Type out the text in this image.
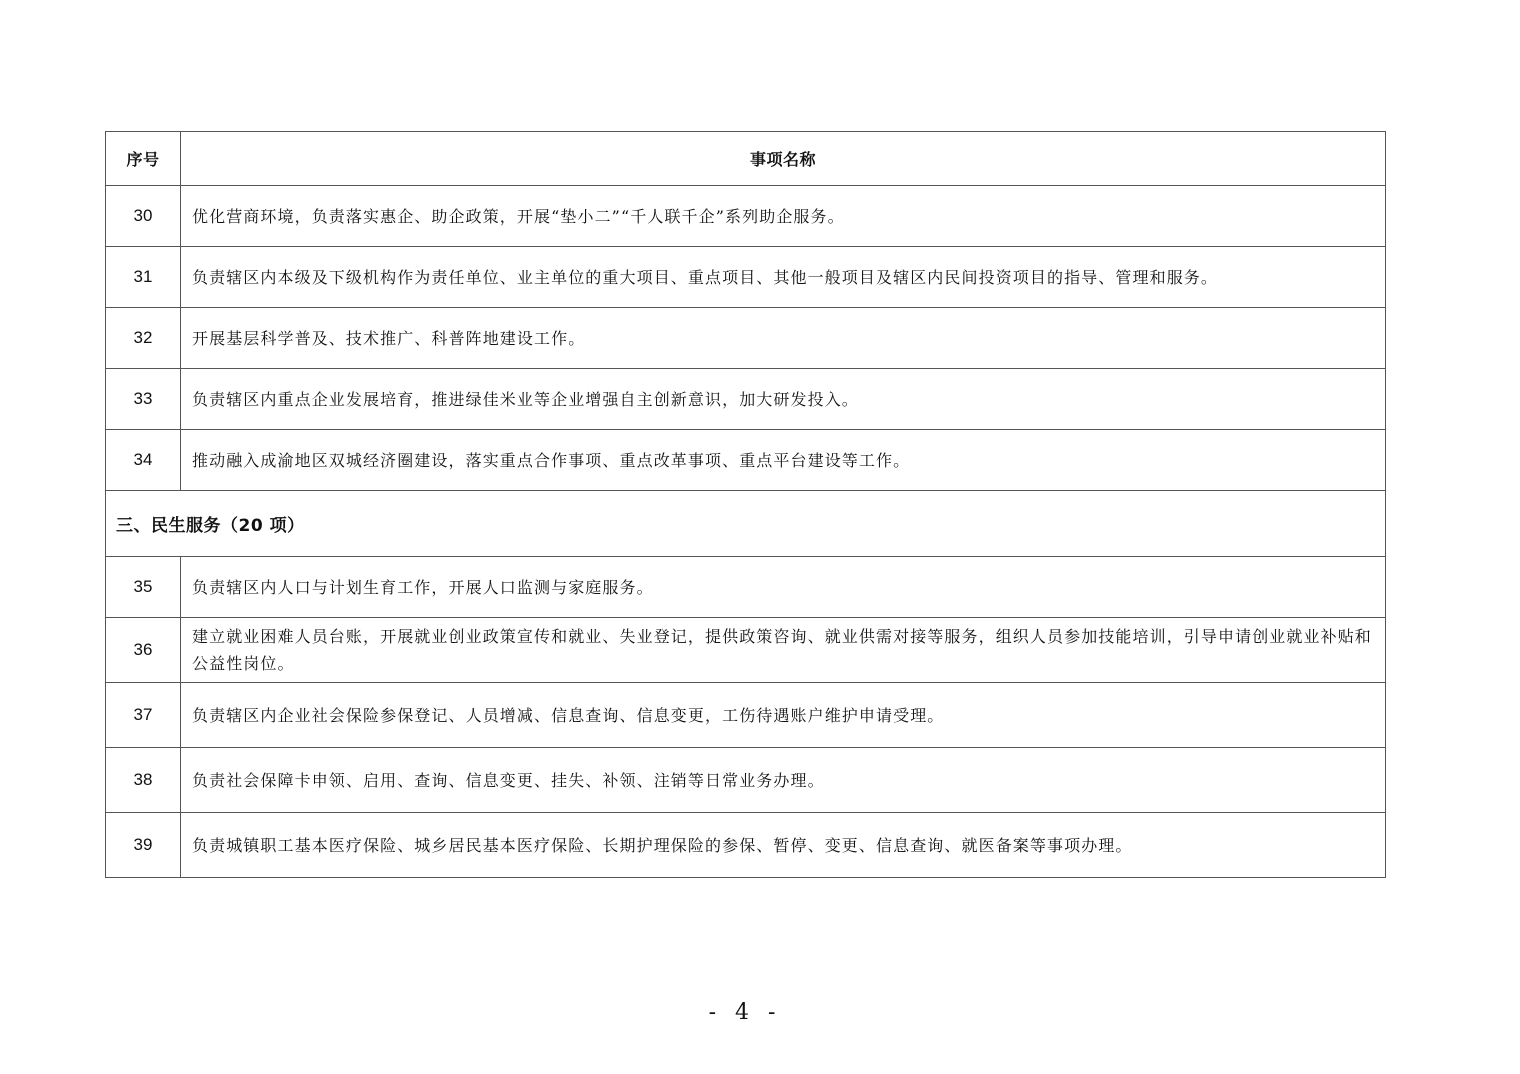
序号	事项名称
30	优化营商环境，负责落实惠企、助企政策，开展“垫小二”“千人联千企”系列助企服务。
31	负责辖区内本级及下级机构作为责任单位、业主单位的重大项目、重点项目、其他一般项目及辖区内民间投资项目的指导、管理和服务。
32	开展基层科学普及、技术推广、科普阵地建设工作。
33	负责辖区内重点企业发展培育，推进绿佳米业等企业增强自主创新意识，加大研发投入。
34	推动融入成渝地区双城经济圈建设，落实重点合作事项、重点改革事项、重点平台建设等工作。
三、民生服务（20 项）	
35	负责辖区内人口与计划生育工作，开展人口监测与家庭服务。
36	建立就业困难人员台账，开展就业创业政策宣传和就业、失业登记，提供政策咨询、就业供需对接等服务，组织人员参加技能培训，引导申请创业就业补贴和公益性岗位。
37	负责辖区内企业社会保险参保登记、人员增减、信息查询、信息变更，工伤待遇账户维护申请受理。
38	负责社会保障卡申领、启用、查询、信息变更、挂失、补领、注销等日常业务办理。
39	负责城镇职工基本医疗保险、城乡居民基本医疗保险、长期护理保险的参保、暂停、变更、信息查询、就医备案等事项办理。
- 4 -
